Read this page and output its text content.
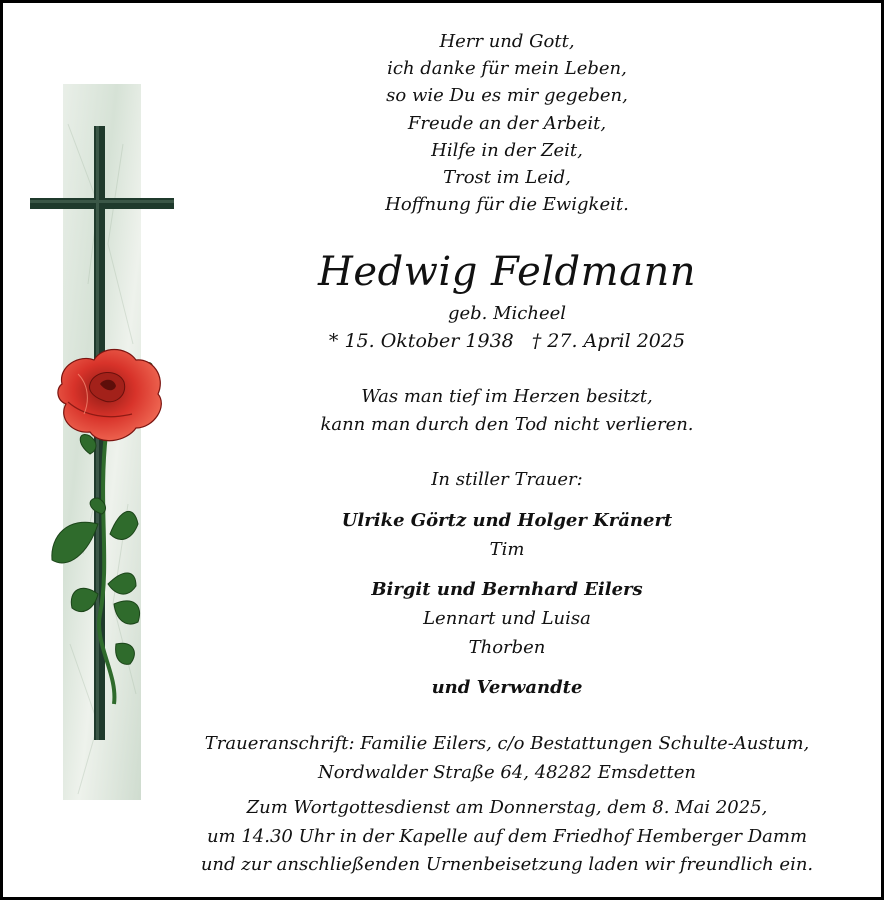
Herr und Gott,
ich danke für mein Leben,
so wie Du es mir gegeben,
Freude an der Arbeit,
Hilfe in der Zeit,
Trost im Leid,
Hoffnung für die Ewigkeit.
Hedwig Feldmann
geb. Micheel
* 15. Oktober 1938 † 27. April 2025
Was man tief im Herzen besitzt,
kann man durch den Tod nicht verlieren.
In stiller Trauer:
Ulrike Görtz und Holger Kränert
Tim
Birgit und Bernhard Eilers
Lennart und Luisa
Thorben
und Verwandte
Traueranschrift: Familie Eilers, c/o Bestattungen Schulte-Austum,
Nordwalder Straße 64, 48282 Emsdetten
Zum Wortgottesdienst am Donnerstag, dem 8. Mai 2025,
um 14.30 Uhr in der Kapelle auf dem Friedhof Hemberger Damm
und zur anschließenden Urnenbeisetzung laden wir freundlich ein.
